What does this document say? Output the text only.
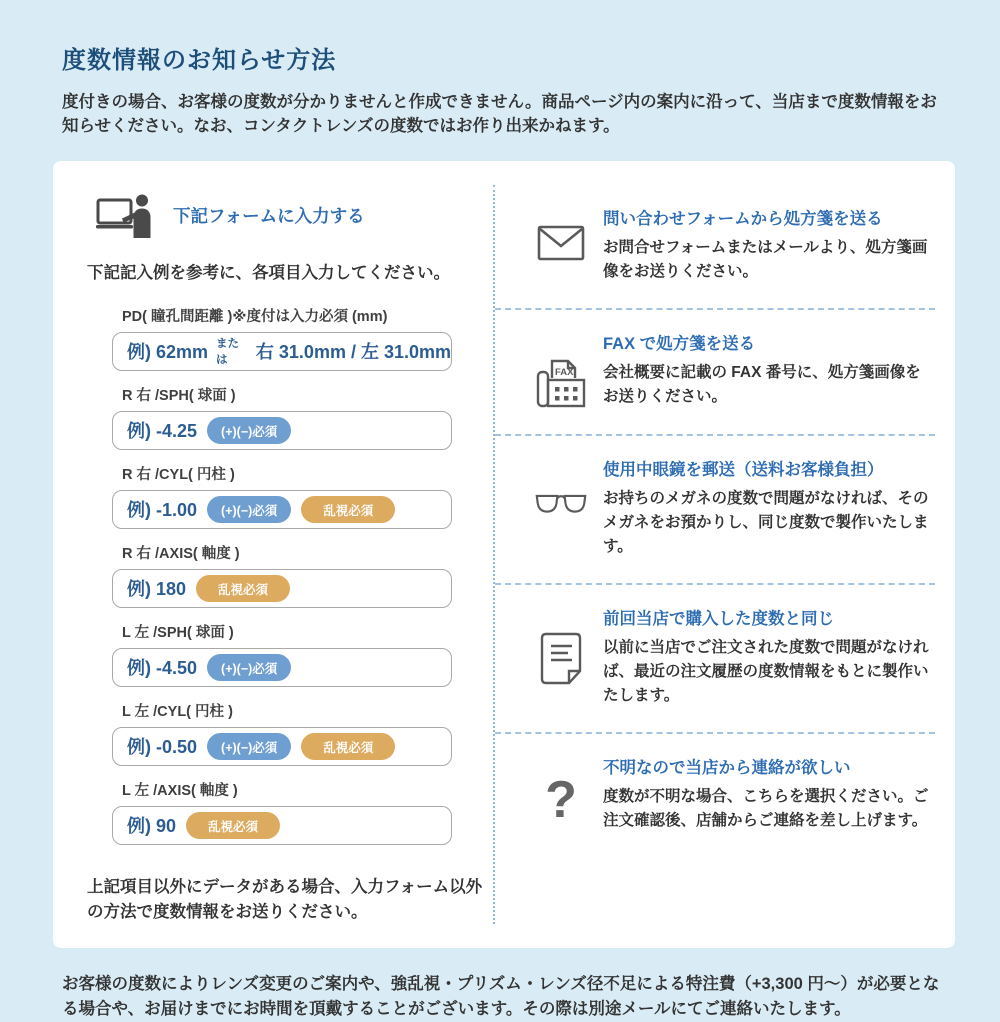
度数情報のお知らせ方法
度付きの場合、お客様の度数が分かりませんと作成できません。商品ページ内の案内に沿って、当店まで度数情報をお知らせください。なお、コンタクトレンズの度数ではお作り出来かねます。
下記フォームに入力する
下記記入例を参考に、各項目入力してください。
PD( 瞳孔間距離 )※度付は入力必須 (mm)
例) 62mm または	右 31.0mm / 左 31.0mm
R 右 /SPH( 球面 )
例) -4.25	(+)(−)必須
R 右 /CYL( 円柱 )
例) -1.00	(+)(−)必須	乱視必須
R 右 /AXIS( 軸度 )
例) 180	乱視必須
L 左 /SPH( 球面 )
例) -4.50	(+)(−)必須
L 左 /CYL( 円柱 )
例) -0.50	(+)(−)必須	乱視必須
L 左 /AXIS( 軸度 )
例) 90	乱視必須
上記項目以外にデータがある場合、入力フォーム以外の方法で度数情報をお送りください。
問い合わせフォームから処方箋を送る
お問合せフォームまたはメールより、処方箋画像をお送りください。
FAX
FAX で処方箋を送る
会社概要に記載の FAX 番号に、処方箋画像をお送りください。
使用中眼鏡を郵送（送料お客様負担）
お持ちのメガネの度数で問題がなければ、そのメガネをお預かりし、同じ度数で製作いたします。
前回当店で購入した度数と同じ
以前に当店でご注文された度数で問題がなければ、最近の注文履歴の度数情報をもとに製作いたします。
?
不明なので当店から連絡が欲しい
度数が不明な場合、こちらを選択ください。ご注文確認後、店舗からご連絡を差し上げます。
お客様の度数によりレンズ変更のご案内や、強乱視・プリズム・レンズ径不足による特注費（+3,300 円〜）が必要となる場合や、お届けまでにお時間を頂戴することがございます。その際は別途メールにてご連絡いたします。
